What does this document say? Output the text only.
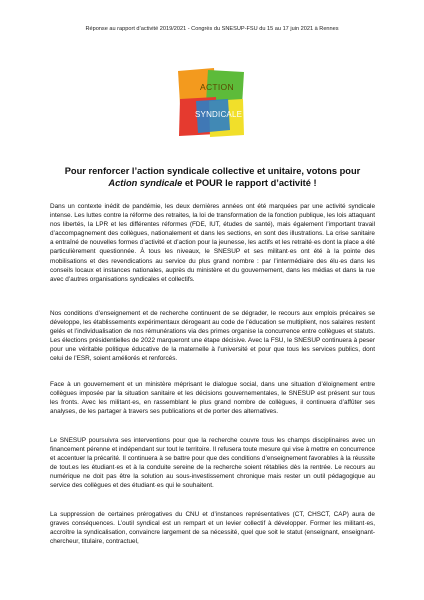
Réponse au rapport d’activité 2019/2021 - Congrès du SNESUP-FSU du 15 au 17 juin 2021 à Rennes
ACTION
SYNDICALE
Pour renforcer l’action syndicale collective et unitaire, votons pour
Action syndicale et POUR le rapport d’activité !

Dans un contexte inédit de pandémie, les deux dernières années ont été marquées par une activité syndicale intense. Les luttes contre la réforme des retraites, la loi de transformation de la fonction publique, les lois attaquant nos libertés, la LPR et les différentes réformes (FDE, IUT, études de santé), mais également l’important travail d’accompagnement des collègues, nationalement et dans les sections, en sont des illustrations. La crise sanitaire a entraîné de nouvelles formes d’activité et d’action pour la jeunesse, les actifs et les retraité·es dont la place a été particulièrement questionnée. À tous les niveaux, le SNESUP et ses militant·es ont été à la pointe des mobilisations et des revendications au service du plus grand nombre : par l’intermédiaire des élu·es dans les conseils locaux et instances nationales, auprès du ministère et du gouvernement, dans les médias et dans la rue avec d’autres organisations syndicales et collectifs.

Nos conditions d’enseignement et de recherche continuent de se dégrader, le recours aux emplois précaires se développe, les établissements expérimentaux dérogeant au code de l’éducation se multiplient, nos salaires restent gelés et l’individualisation de nos rémunérations via des primes organise la concurrence entre collègues et statuts. Les élections présidentielles de 2022 marqueront une étape décisive. Avec la FSU, le SNESUP continuera à peser pour une véritable politique éducative de la maternelle à l’université et pour que tous les services publics, dont celui de l’ESR, soient améliorés et renforcés.

Face à un gouvernement et un ministère méprisant le dialogue social, dans une situation d’éloignement entre collègues imposée par la situation sanitaire et les décisions gouvernementales, le SNESUP est présent sur tous les fronts. Avec les militant·es, en rassemblant le plus grand nombre de collègues, il continuera d’affûter ses analyses, de les partager à travers ses publications et de porter des alternatives.

Le SNESUP poursuivra ses interventions pour que la recherche couvre tous les champs disciplinaires avec un financement pérenne et indépendant sur tout le territoire. Il refusera toute mesure qui vise à mettre en concurrence et accentuer la précarité. Il continuera à se battre pour que des conditions d’enseignement favorables à la réussite de tout.es les étudiant·es et à la conduite sereine de la recherche soient rétablies dès la rentrée. Le recours au numérique ne doit pas être la solution au sous-investissement chronique mais rester un outil pédagogique au service des collègues et des étudiant·es qui le souhaitent.

La suppression de certaines prérogatives du CNU et d’instances représentatives (CT, CHSCT, CAP) aura de graves conséquences. L’outil syndical est un rempart et un levier collectif à développer. Former les militant·es, accroître la syndicalisation, convaincre largement de sa nécessité, quel que soit le statut (enseignant, enseignant-chercheur, titulaire, contractuel,
